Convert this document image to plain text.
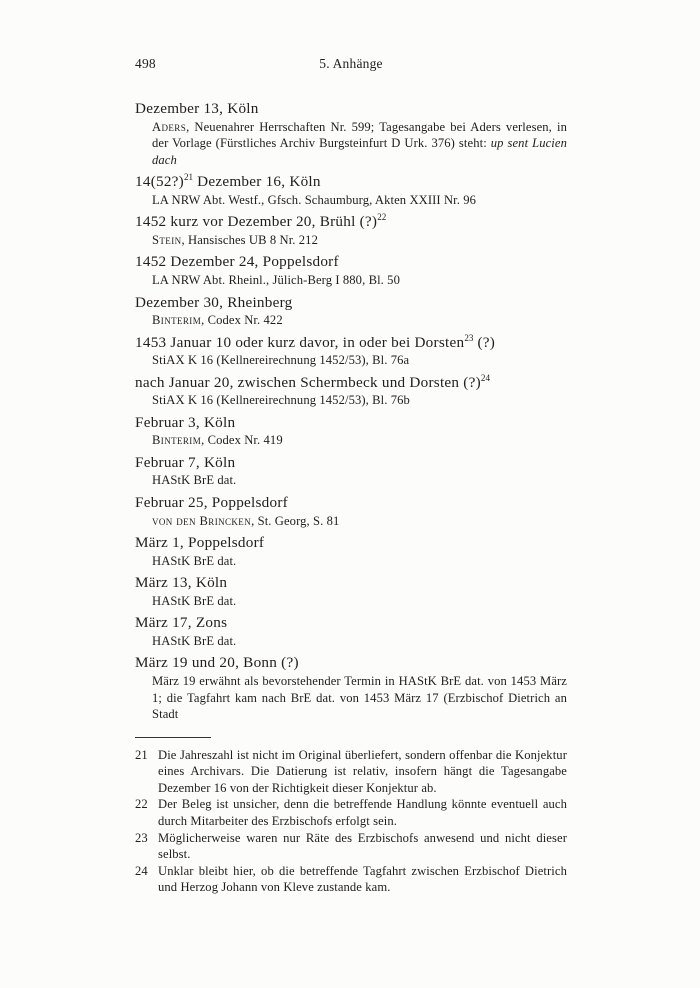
498	5. Anhänge
Dezember 13, Köln
Aders, Neuenahrer Herrschaften Nr. 599; Tagesangabe bei Aders verlesen, in der Vorlage (Fürstliches Archiv Burgsteinfurt D Urk. 376) steht: up sent Lucien dach
14(52?)$^{21}$ Dezember 16, Köln
LA NRW Abt. Westf., Gfsch. Schaumburg, Akten XXIII Nr. 96
1452 kurz vor Dezember 20, Brühl (?)$^{22}$
Stein, Hansisches UB 8 Nr. 212
1452 Dezember 24, Poppelsdorf
LA NRW Abt. Rheinl., Jülich-Berg I 880, Bl. 50
Dezember 30, Rheinberg
Binterim, Codex Nr. 422
1453 Januar 10 oder kurz davor, in oder bei Dorsten$^{23}$ (?)
StiAX K 16 (Kellnereirechnung 1452/53), Bl. 76a
nach Januar 20, zwischen Schermbeck und Dorsten (?)$^{24}$
StiAX K 16 (Kellnereirechnung 1452/53), Bl. 76b
Februar 3, Köln
Binterim, Codex Nr. 419
Februar 7, Köln
HAStK BrE dat.
Februar 25, Poppelsdorf
von den Brincken, St. Georg, S. 81
März 1, Poppelsdorf
HAStK BrE dat.
März 13, Köln
HAStK BrE dat.
März 17, Zons
HAStK BrE dat.
März 19 und 20, Bonn (?)
März 19 erwähnt als bevorstehender Termin in HAStK BrE dat. von 1453 März 1; die Tagfahrt kam nach BrE dat. von 1453 März 17 (Erzbischof Dietrich an Stadt
21 Die Jahreszahl ist nicht im Original überliefert, sondern offenbar die Konjektur eines Archivars. Die Datierung ist relativ, insofern hängt die Tagesangabe Dezember 16 von der Richtigkeit dieser Konjektur ab.
22 Der Beleg ist unsicher, denn die betreffende Handlung könnte eventuell auch durch Mitarbeiter des Erzbischofs erfolgt sein.
23 Möglicherweise waren nur Räte des Erzbischofs anwesend und nicht dieser selbst.
24 Unklar bleibt hier, ob die betreffende Tagfahrt zwischen Erzbischof Dietrich und Herzog Johann von Kleve zustande kam.
